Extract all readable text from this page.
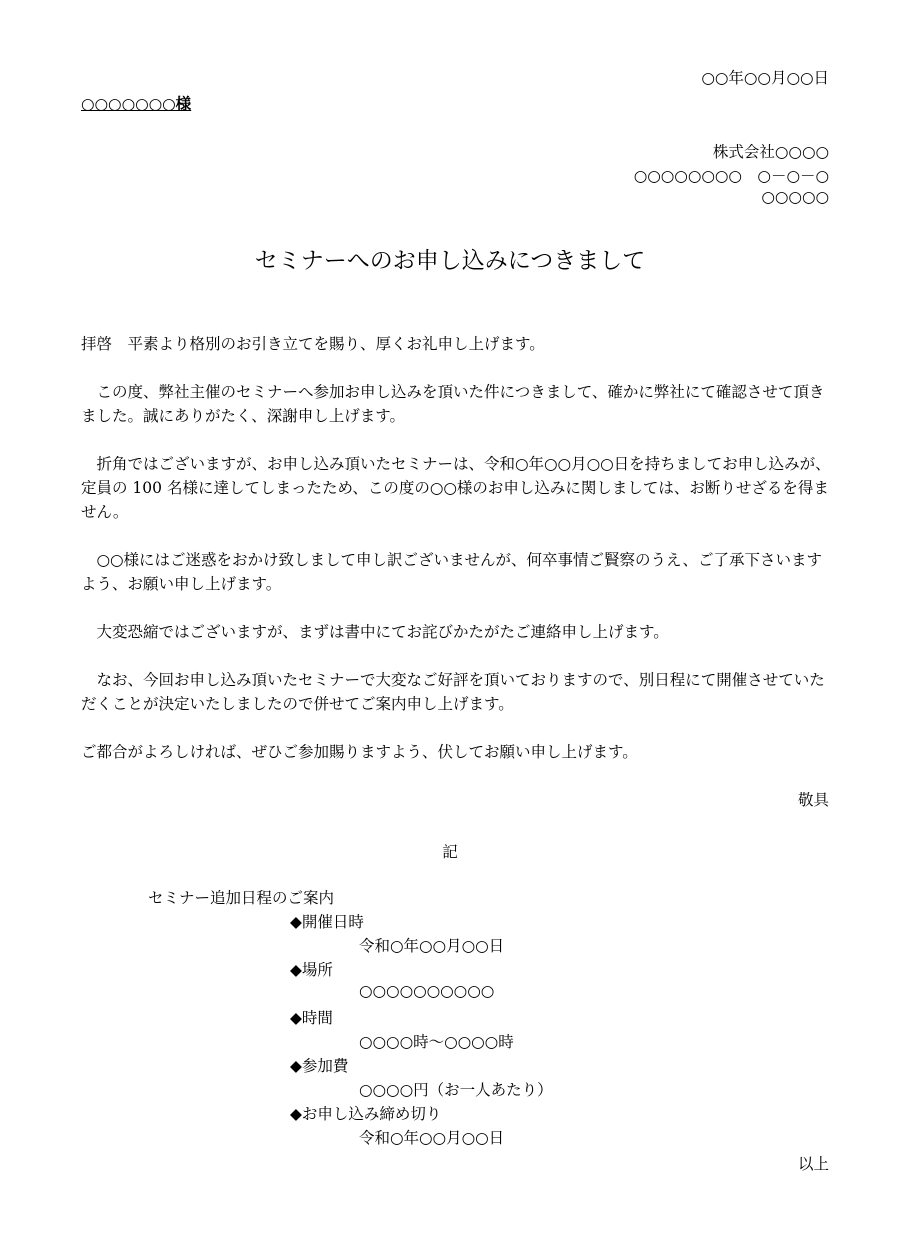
○○年○○月○○日

○○○○○○○様

株式会社○○○○

○○○○○○○○　○－○－○

○○○○○

セミナーへのお申し込みにつきまして

拝啓　平素より格別のお引き立てを賜り、厚くお礼申し上げます。

　この度、弊社主催のセミナーへ参加お申し込みを頂いた件につきまして、確かに弊社にて確認させて頂きました。誠にありがたく、深謝申し上げます。

　折角ではございますが、お申し込み頂いたセミナーは、令和○年○○月○○日を持ちましてお申し込みが、定員の 100 名様に達してしまったため、この度の○○様のお申し込みに関しましては、お断りせざるを得ません。

　○○様にはご迷惑をおかけ致しまして申し訳ございませんが、何卒事情ご賢察のうえ、ご了承下さいますよう、お願い申し上げます。

　大変恐縮ではございますが、まずは書中にてお詫びかたがたご連絡申し上げます。

　なお、今回お申し込み頂いたセミナーで大変なご好評を頂いておりますので、別日程にて開催させていただくことが決定いたしましたので併せてご案内申し上げます。

ご都合がよろしければ、ぜひご参加賜りますよう、伏してお願い申し上げます。

敬具

記

セミナー追加日程のご案内

◆開催日時

令和○年○○月○○日

◆場所

○○○○○○○○○○

◆時間

○○○○時～○○○○時

◆参加費

○○○○円（お一人あたり）

◆お申し込み締め切り

令和○年○○月○○日

以上
